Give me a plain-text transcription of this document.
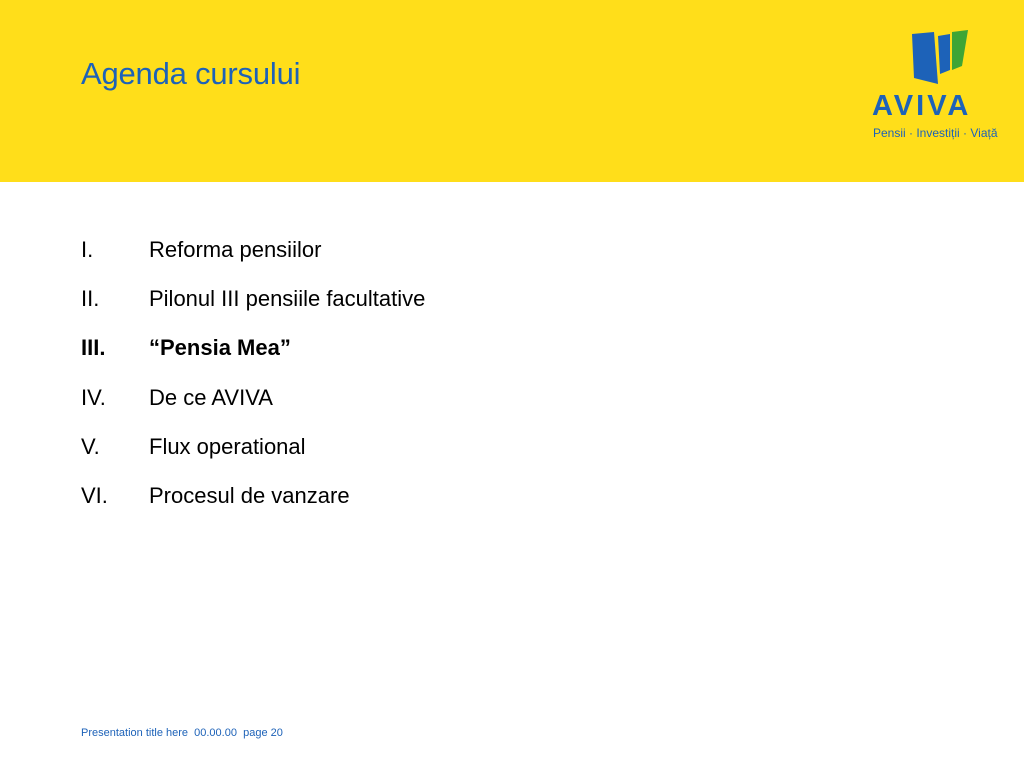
Agenda cursului
AVIVA
Pensii · Investiții · Viață
I.	Reforma pensiilor
II.	Pilonul III pensiile facultative
III.	“Pensia Mea”
IV.	De ce AVIVA
V.	Flux operational
VI.	Procesul de vanzare
Presentation title here 00.00.00 page 20
